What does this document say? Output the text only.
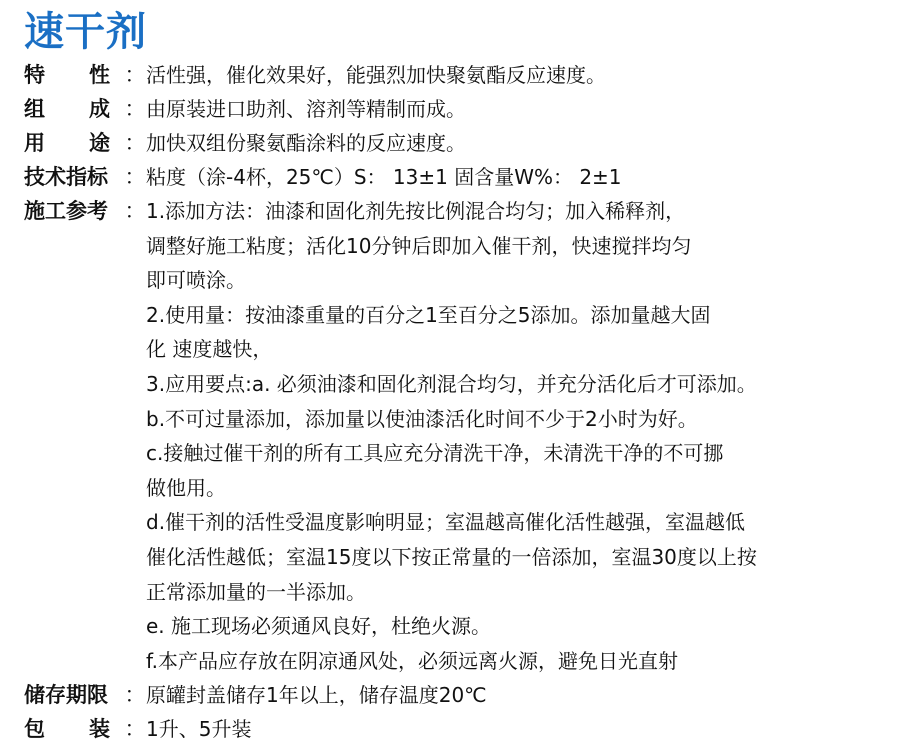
速干剂
特 性 ： 活性强，催化效果好，能强烈加快聚氨酯反应速度。
组 成 ： 由原装进口助剂、溶剂等精制而成。
用 途 ： 加快双组份聚氨酯涂料的反应速度。
技术指标 ： 粘度（涂-4杯，25℃）S： 13±1 固含量W%： 2±1
施工参考 ： 1.添加方法：油漆和固化剂先按比例混合均匀；加入稀释剂，
调整好施工粘度；活化10分钟后即加入催干剂，快速搅拌均匀
即可喷涂。
2.使用量：按油漆重量的百分之1至百分之5添加。添加量越大固
化 速度越快，
3.应用要点:a. 必须油漆和固化剂混合均匀，并充分活化后才可添加。
b.不可过量添加，添加量以使油漆活化时间不少于2小时为好。
c.接触过催干剂的所有工具应充分清洗干净，未清洗干净的不可挪
做他用。
d.催干剂的活性受温度影响明显；室温越高催化活性越强，室温越低
催化活性越低；室温15度以下按正常量的一倍添加，室温30度以上按
正常添加量的一半添加。
e. 施工现场必须通风良好，杜绝火源。
f.本产品应存放在阴凉通风处，必须远离火源，避免日光直射
储存期限 ： 原罐封盖储存1年以上，储存温度20℃
包 装 ： 1升、5升装
